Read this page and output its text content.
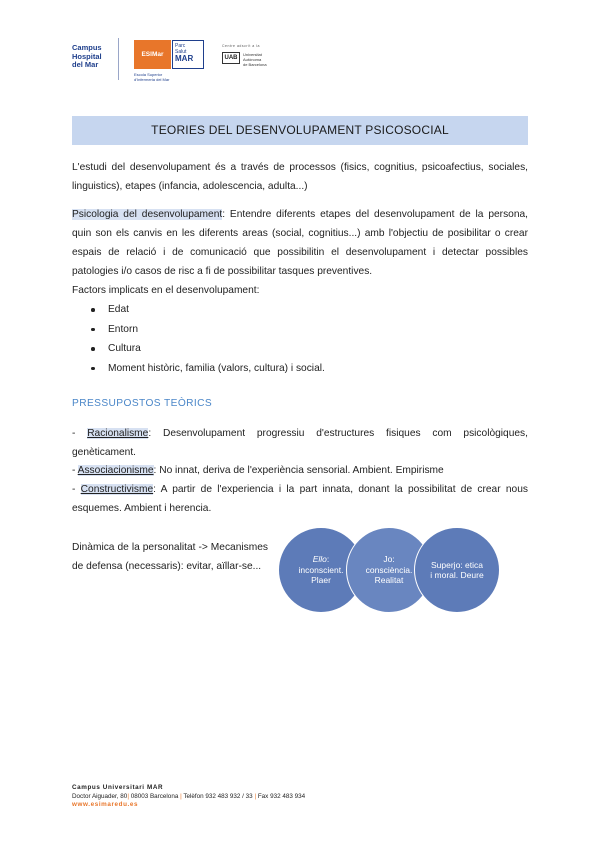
Campus
Hospital
del Mar
ESIMar
Parc
Salut
MAR
Escola Superior
d'Infermeria del Mar
Centre adscrit a la
UAB
Universitat
Autònoma
de Barcelona
TEORIES DEL DESENVOLUPAMENT PSICOSOCIAL
L'estudi del desenvolupament és a través de processos (fisics, cognitius, psicoafectius, sociales, linguistics), etapes (infancia, adolescencia, adulta...)
Psicologia del desenvolupament: Entendre diferents etapes del desenvolupament de la persona, quin son els canvis en les diferents areas (social, cognitius...) amb l'objectiu de posibilitar o crear espais de relació i de comunicació que possibilitin el desenvolupament i detectar possibles patologies i/o casos de risc a fi de possibilitar tasques preventives.
Factors implicats en el desenvolupament:
Edat
Entorn
Cultura
Moment històric, familia (valors, cultura) i social.
PRESSUPOSTOS TEÒRICS
- Racionalisme: Desenvolupament progressiu d'estructures fisiques com psicològiques, genèticament.
- Associacionisme: No innat, deriva de l'experiència sensorial. Ambient. Empirisme
- Constructivisme: A partir de l'experiencia i la part innata, donant la possibilitat de crear nous esquemes. Ambient i herencia.
Dinàmica de la personalitat -> Mecanismes de defensa (necessaris): evitar, aïllar-se...
Ello: inconscient. Plaer
Jo: consciència. Realitat
Superjo: etica i moral. Deure
Campus Universitari MAR
Doctor Aiguader, 80| 08003 Barcelona | Telèfon 932 483 932 / 33 | Fax 932 483 934
www.esimaredu.es
